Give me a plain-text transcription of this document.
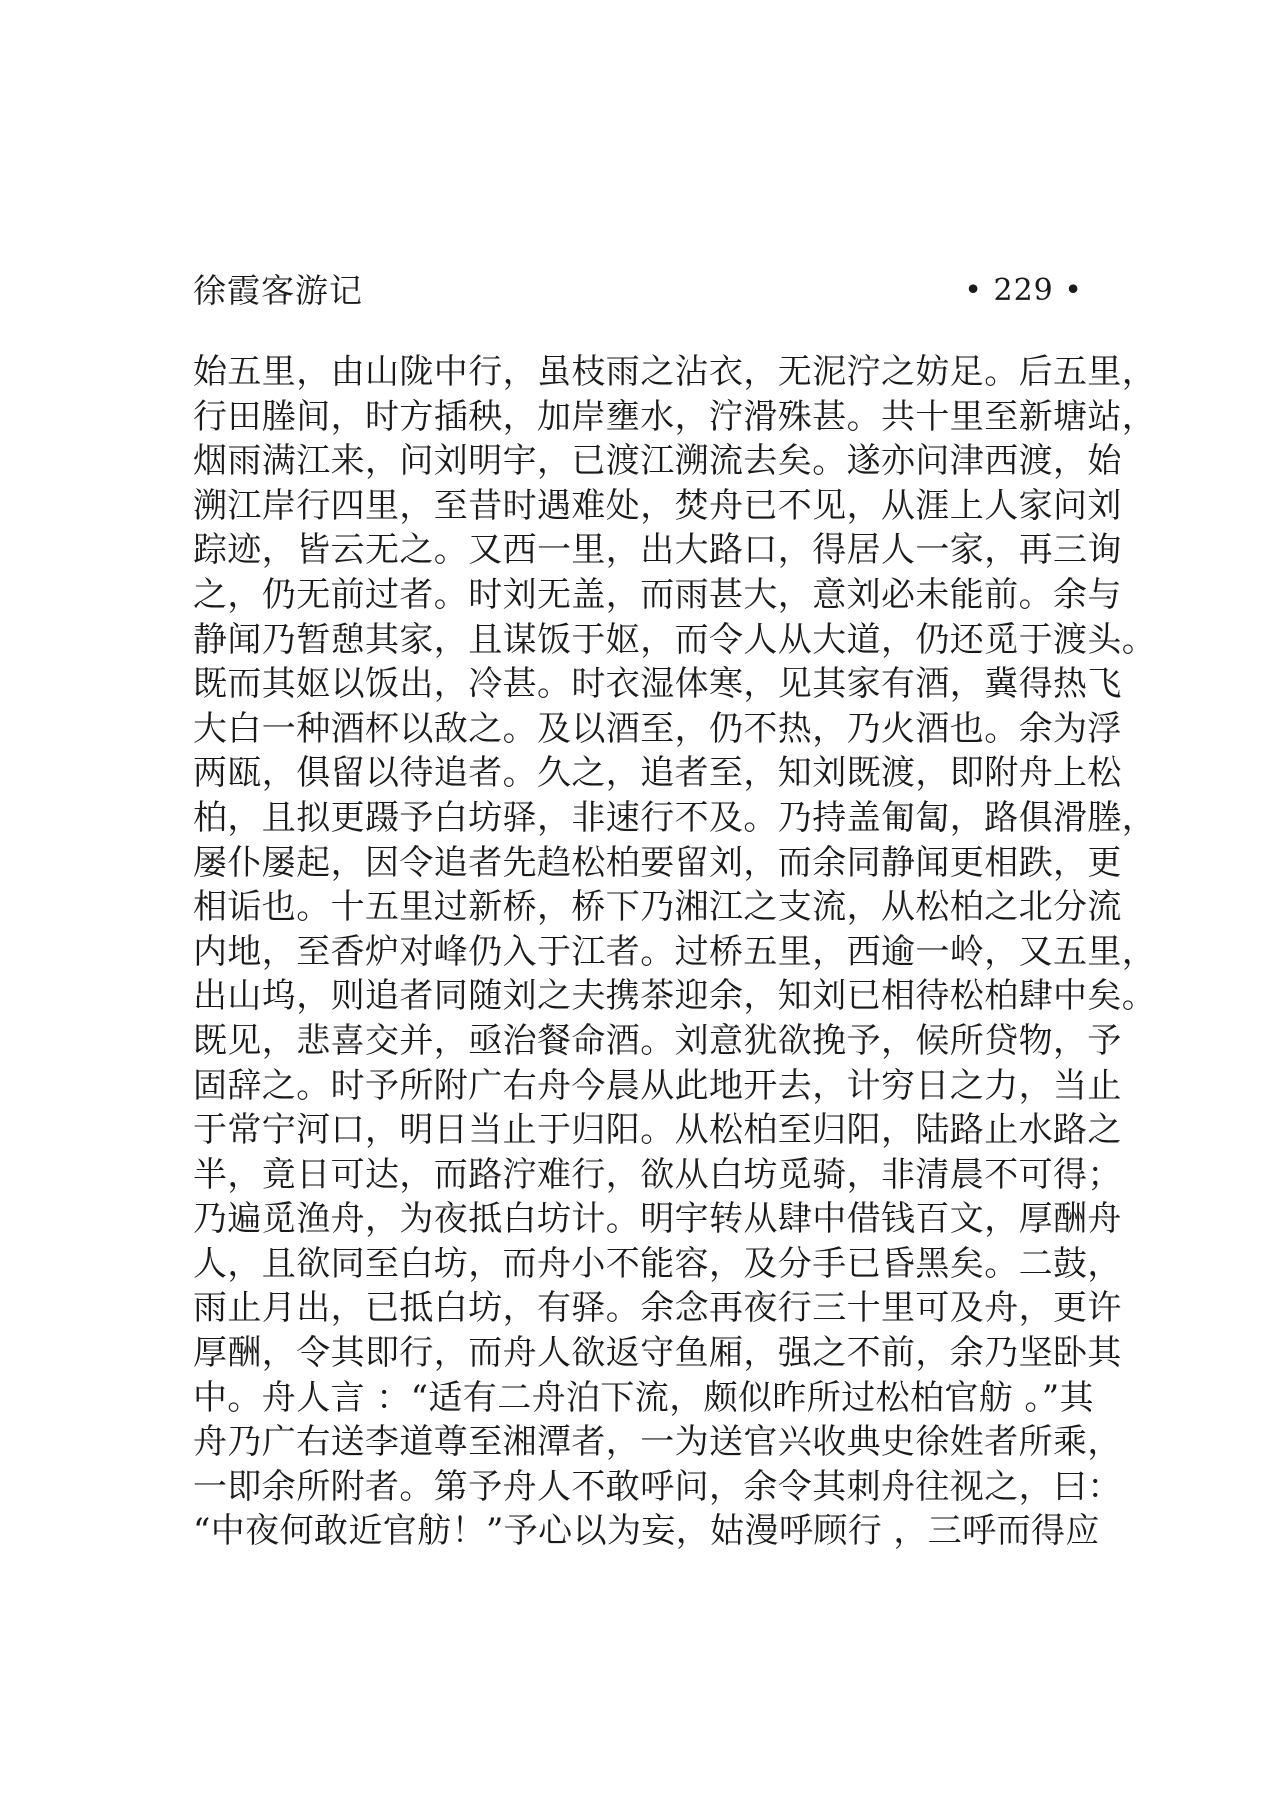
徐霞客游记	• 229 •
始五里，由山陇中行，虽枝雨之沾衣，无泥泞之妨足。后五里，
行田塍间，时方插秧，加岸壅水，泞滑殊甚。共十里至新塘站，
烟雨满江来，问刘明宇，已渡江溯流去矣。遂亦问津西渡，始
溯江岸行四里，至昔时遇难处，焚舟已不见，从涯上人家问刘
踪迹，皆云无之。又西一里，出大路口，得居人一家，再三询
之，仍无前过者。时刘无盖，而雨甚大，意刘必未能前。余与
静闻乃暂憩其家，且谋饭于妪，而令人从大道，仍还觅于渡头。
既而其妪以饭出，冷甚。时衣湿体寒，见其家有酒，冀得热飞
大白一种酒杯以敌之。及以酒至，仍不热，乃火酒也。余为浮
两瓯，俱留以待追者。久之，追者至，知刘既渡，即附舟上松
柏，且拟更蹑予白坊驿，非速行不及。乃持盖匍匐，路俱滑塍，
屡仆屡起，因令追者先趋松柏要留刘，而余同静闻更相跌，更
相诟也。十五里过新桥，桥下乃湘江之支流，从松柏之北分流
内地，至香炉对峰仍入于江者。过桥五里，西逾一岭，又五里，
出山坞，则追者同随刘之夫携茶迎余，知刘已相待松柏肆中矣。
既见，悲喜交并，亟治餐命酒。刘意犹欲挽予，候所贷物，予
固辞之。时予所附广右舟今晨从此地开去，计穷日之力，当止
于常宁河口，明日当止于归阳。从松柏至归阳，陆路止水路之
半，竟日可达，而路泞难行，欲从白坊觅骑，非清晨不可得；
乃遍觅渔舟，为夜抵白坊计。明宇转从肆中借钱百文，厚酬舟
人，且欲同至白坊，而舟小不能容，及分手已昏黑矣。二鼓，
雨止月出，已抵白坊，有驿。余念再夜行三十里可及舟，更许
厚酬，令其即行，而舟人欲返守鱼厢，强之不前，余乃坚卧其
中。舟人言 ：“适有二舟泊下流，颇似昨所过松柏官舫 。”其
舟乃广右送李道尊至湘潭者，一为送官兴收典史徐姓者所乘，
一即余所附者。第予舟人不敢呼问，余令其刺舟往视之，曰：
“中夜何敢近官舫！”予心以为妄，姑漫呼顾行 ，三呼而得应
